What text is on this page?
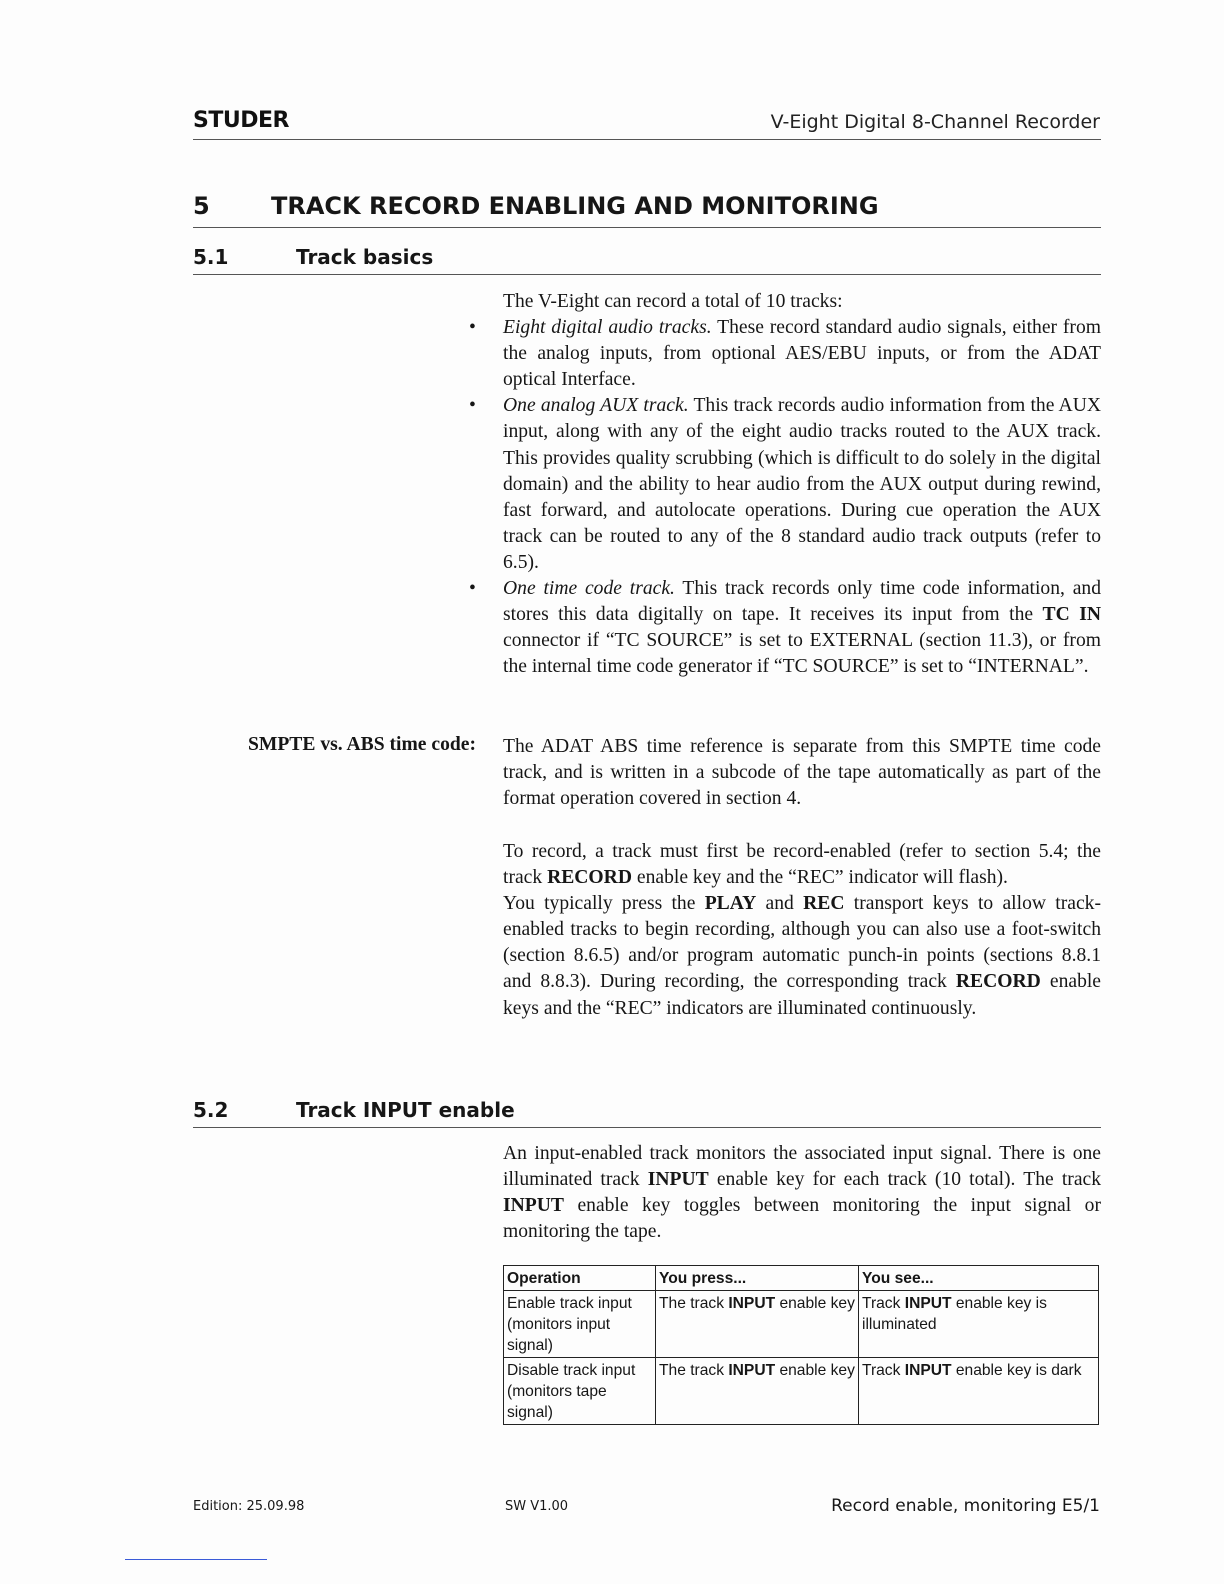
STUDER	V-Eight Digital 8-Channel Recorder
5	TRACK RECORD ENABLING AND MONITORING
5.1	Track basics

The V-Eight can record a total of 10 tracks:

• Eight digital audio tracks. These record standard audio signals, either from the analog inputs, from optional AES/EBU inputs, or from the ADAT optical Interface.
• One analog AUX track. This track records audio information from the AUX input, along with any of the eight audio tracks routed to the AUX track. This provides quality scrubbing (which is difficult to do solely in the digital domain) and the ability to hear audio from the AUX output during rewind, fast forward, and autolocate operations. During cue operation the AUX track can be routed to any of the 8 standard audio track outputs (refer to 6.5).
• One time code track. This track records only time code information, and stores this data digitally on tape. It receives its input from the TC IN connector if “TC SOURCE” is set to EXTERNAL (section 11.3), or from the internal time code generator if “TC SOURCE” is set to “INTERNAL”.
SMPTE vs. ABS time code: The ADAT ABS time reference is separate from this SMPTE time code track, and is written in a subcode of the tape automatically as part of the format operation covered in section 4.

To record, a track must first be record-enabled (refer to section 5.4; the track RECORD enable key and the “REC” indicator will flash).

You typically press the PLAY and REC transport keys to allow track-enabled tracks to begin recording, although you can also use a foot-switch (section 8.6.5) and/or program automatic punch-in points (sections 8.8.1 and 8.8.3). During recording, the corresponding track RECORD enable keys and the “REC” indicators are illuminated continuously.

5.2	Track INPUT enable

An input-enabled track monitors the associated input signal. There is one illuminated track INPUT enable key for each track (10 total). The track INPUT enable key toggles between monitoring the input signal or monitoring the tape.

Operation	You press...	You see...
Enable track input
(monitors input signal)	The track INPUT enable key	Track INPUT enable key is illuminated
Disable track input
(monitors tape signal)	The track INPUT enable key	Track INPUT enable key is dark
Edition: 25.09.98	SW V1.00	Record enable, monitoring E5/1
